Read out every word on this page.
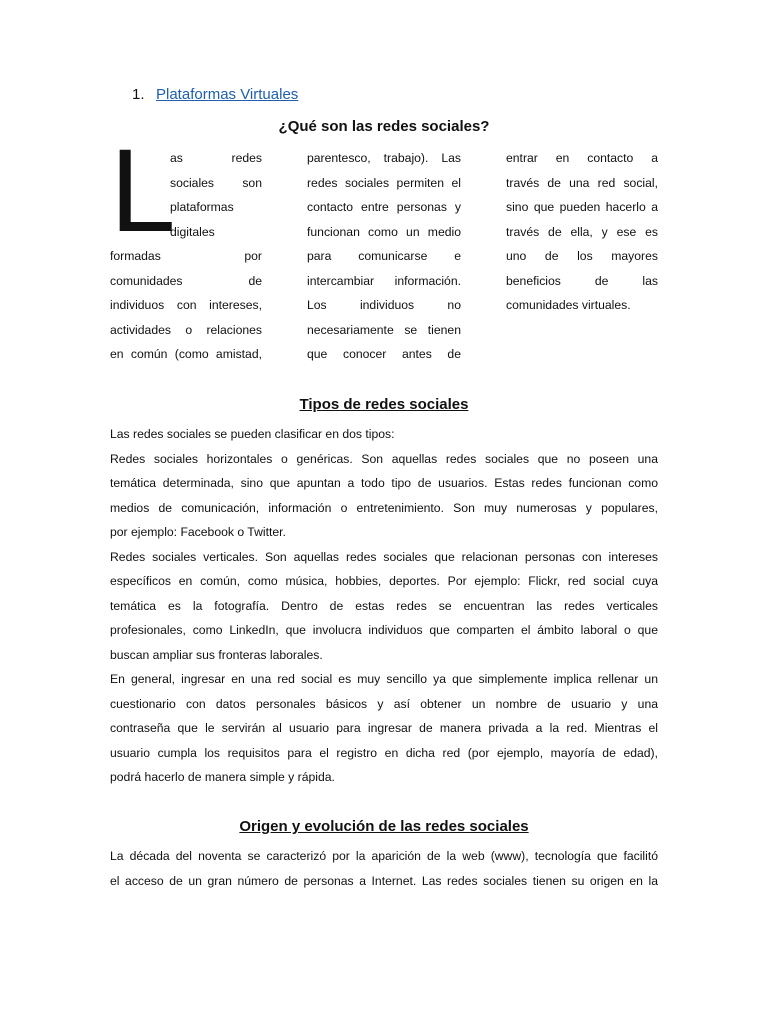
1. Plataformas Virtuales
¿Qué son las redes sociales?
L
as redes
sociales son
plataformas
digitales
formadas por
comunidades de
individuos con intereses,
actividades o relaciones
en común (como amistad,
parentesco, trabajo). Las
redes sociales permiten el
contacto entre personas y
funcionan como un medio
para comunicarse e
intercambiar información.
Los individuos no
necesariamente se tienen
que conocer antes de
entrar en contacto a
través de una red social,
sino que pueden hacerlo a
través de ella, y ese es
uno de los mayores
beneficios de las
comunidades virtuales.
Tipos de redes sociales
Las redes sociales se pueden clasificar en dos tipos:
Redes sociales horizontales o genéricas. Son aquellas redes sociales que no poseen una
temática determinada, sino que apuntan a todo tipo de usuarios. Estas redes funcionan como
medios de comunicación, información o entretenimiento. Son muy numerosas y populares,
por ejemplo: Facebook o Twitter.
Redes sociales verticales. Son aquellas redes sociales que relacionan personas con intereses
específicos en común, como música, hobbies, deportes. Por ejemplo: Flickr, red social cuya
temática es la fotografía. Dentro de estas redes se encuentran las redes verticales
profesionales, como LinkedIn, que involucra individuos que comparten el ámbito laboral o que
buscan ampliar sus fronteras laborales.
En general, ingresar en una red social es muy sencillo ya que simplemente implica rellenar un
cuestionario con datos personales básicos y así obtener un nombre de usuario y una
contraseña que le servirán al usuario para ingresar de manera privada a la red. Mientras el
usuario cumpla los requisitos para el registro en dicha red (por ejemplo, mayoría de edad),
podrá hacerlo de manera simple y rápida.
Origen y evolución de las redes sociales
La década del noventa se caracterizó por la aparición de la web (www), tecnología que facilitó
el acceso de un gran número de personas a Internet. Las redes sociales tienen su origen en la
